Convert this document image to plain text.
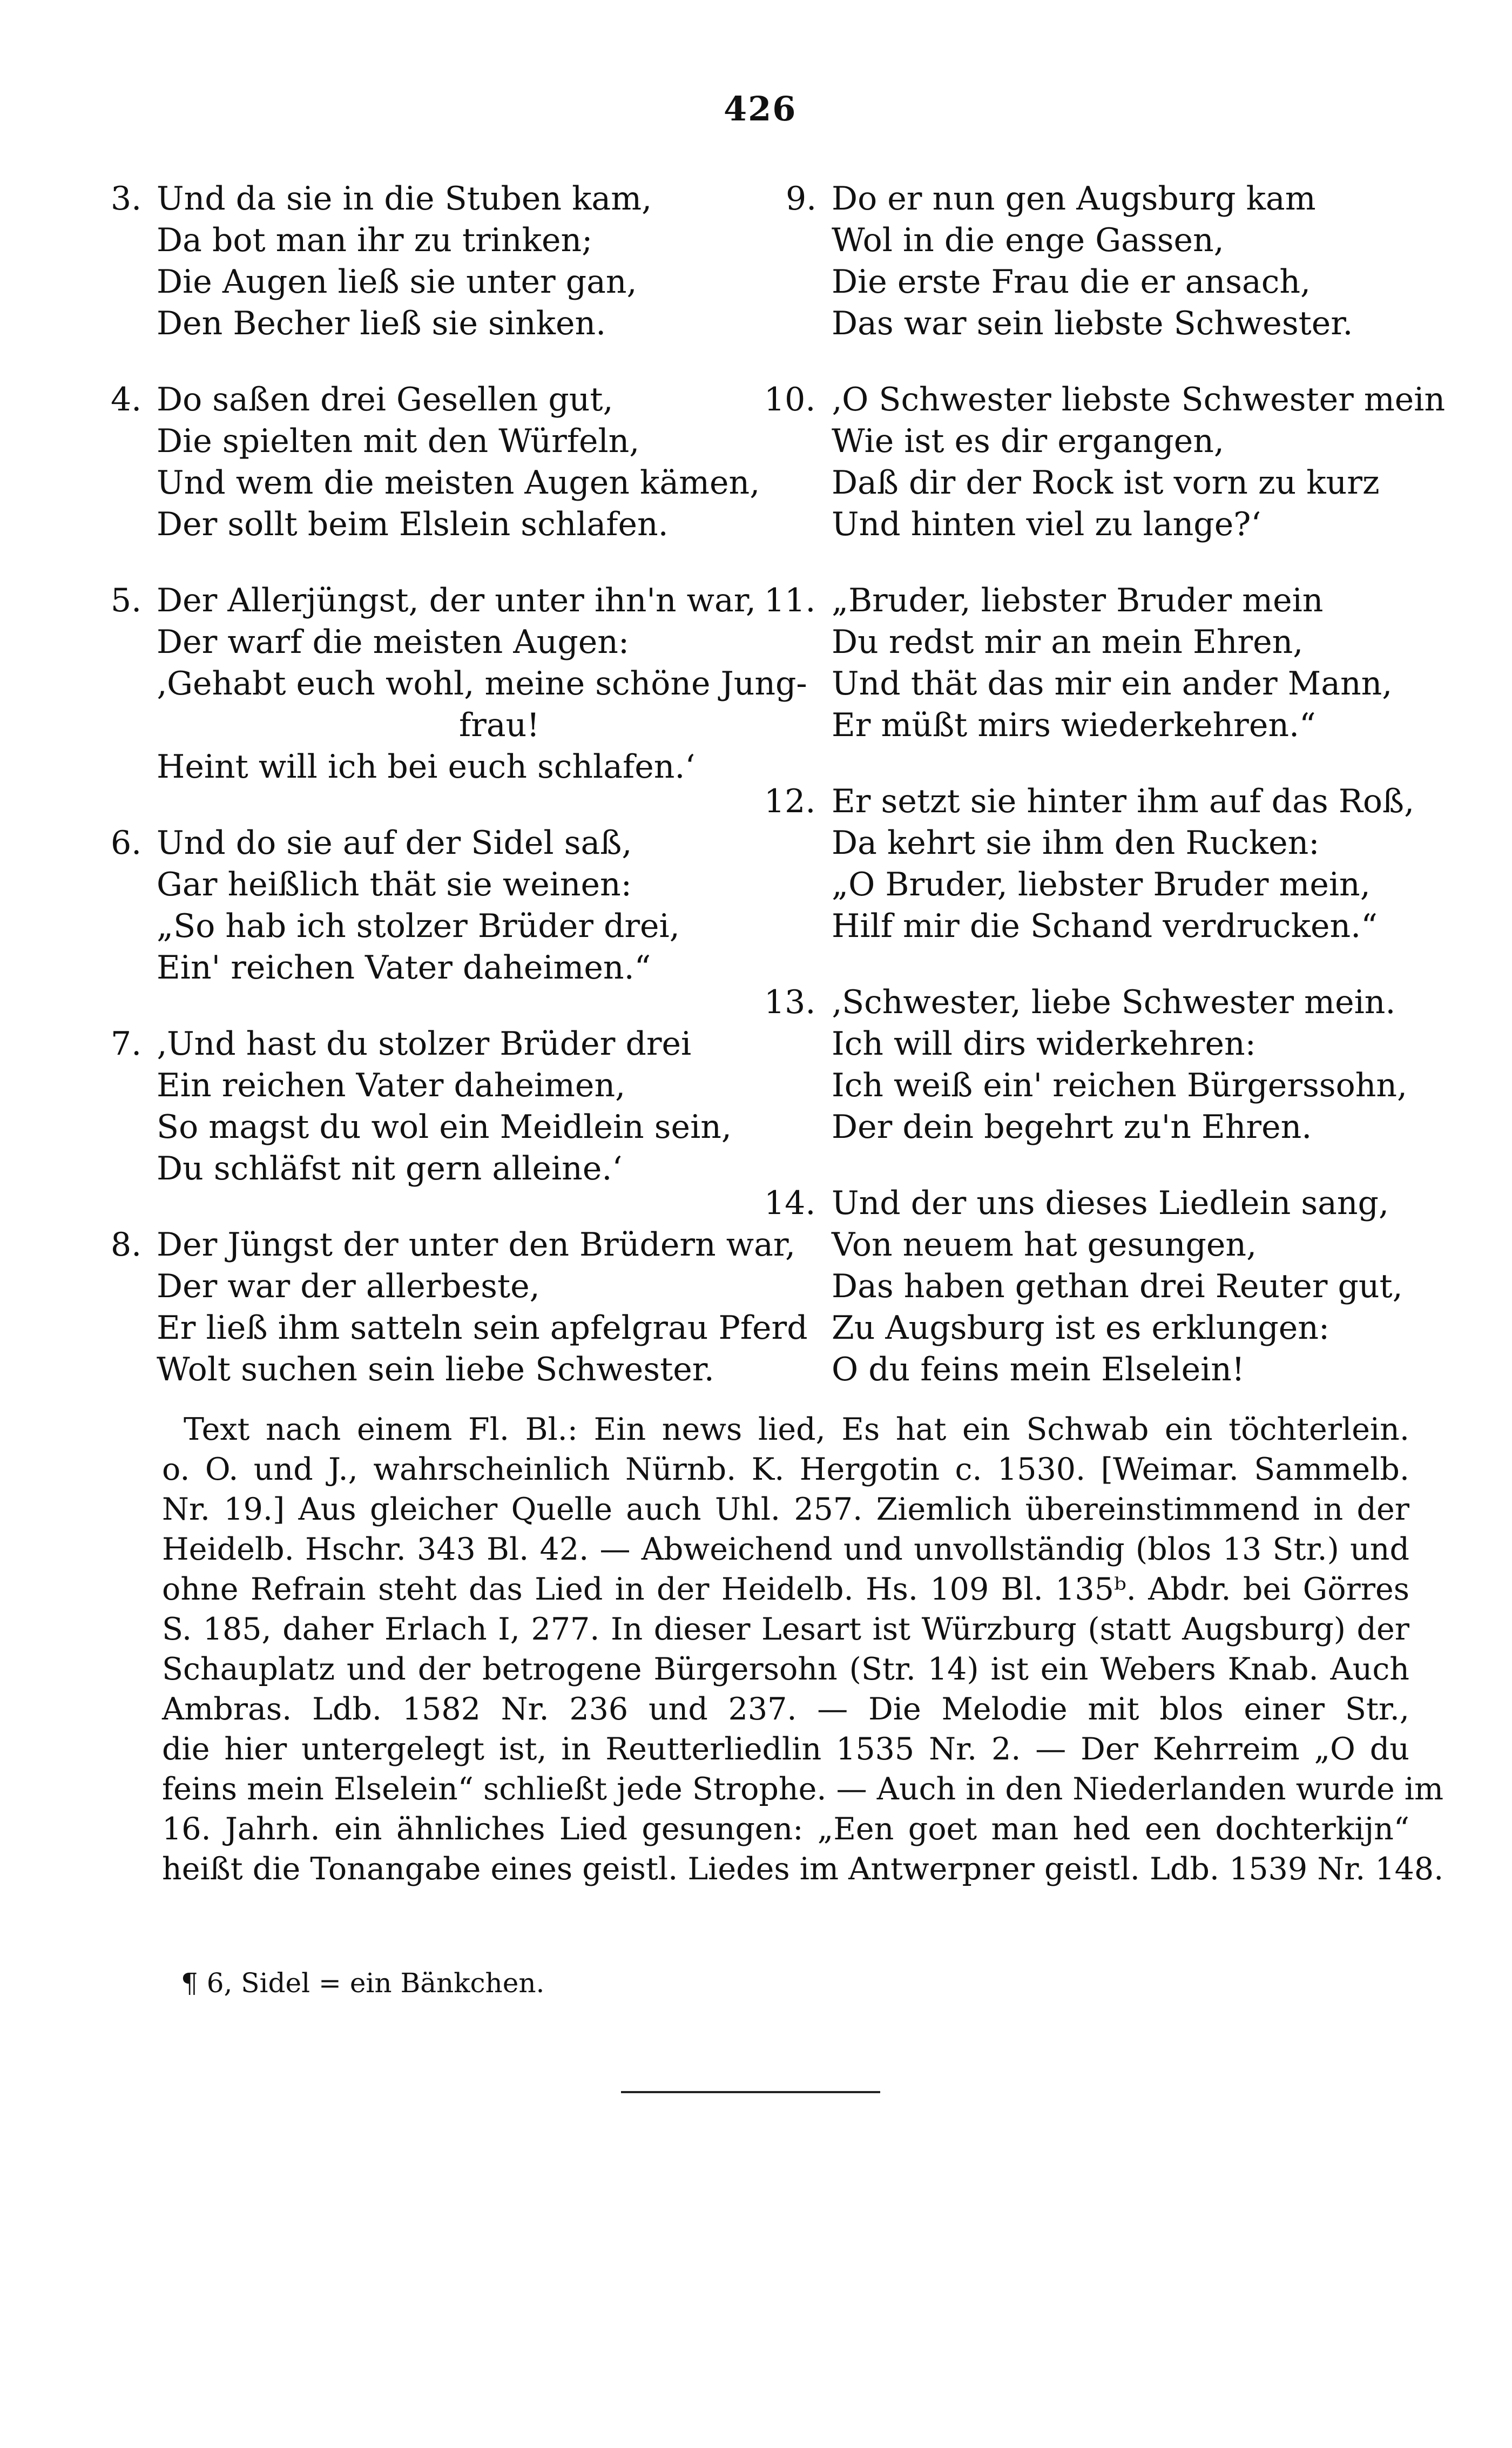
426
3. Und da sie in die Stuben kam,
Da bot man ihr zu trinken;
Die Augen ließ sie unter gan,
Den Becher ließ sie sinken.
4. Do saßen drei Gesellen gut,
Die spielten mit den Würfeln,
Und wem die meisten Augen kämen,
Der sollt beim Elslein schlafen.
5. Der Allerjüngst, der unter ihn'n war,
Der warf die meisten Augen:
‚Gehabt euch wohl, meine schöne Jung-
frau!
Heint will ich bei euch schlafen.‘
6. Und do sie auf der Sidel saß,
Gar heißlich thät sie weinen:
„So hab ich stolzer Brüder drei,
Ein' reichen Vater daheimen.“
7. ‚Und hast du stolzer Brüder drei
Ein reichen Vater daheimen,
So magst du wol ein Meidlein sein,
Du schläfst nit gern alleine.‘
8. Der Jüngst der unter den Brüdern war,
Der war der allerbeste,
Er ließ ihm satteln sein apfelgrau Pferd
Wolt suchen sein liebe Schwester.
9. Do er nun gen Augsburg kam
Wol in die enge Gassen,
Die erste Frau die er ansach,
Das war sein liebste Schwester.
10. ‚O Schwester liebste Schwester mein
Wie ist es dir ergangen,
Daß dir der Rock ist vorn zu kurz
Und hinten viel zu lange?‘
11. „Bruder, liebster Bruder mein
Du redst mir an mein Ehren,
Und thät das mir ein ander Mann,
Er müßt mirs wiederkehren.“
12. Er setzt sie hinter ihm auf das Roß,
Da kehrt sie ihm den Rucken:
„O Bruder, liebster Bruder mein,
Hilf mir die Schand verdrucken.“
13. ‚Schwester, liebe Schwester mein.
Ich will dirs widerkehren:
Ich weiß ein' reichen Bürgerssohn,
Der dein begehrt zu'n Ehren.
14. Und der uns dieses Liedlein sang,
Von neuem hat gesungen,
Das haben gethan drei Reuter gut,
Zu Augsburg ist es erklungen:
O du feins mein Elselein!
Text nach einem Fl. Bl.: Ein news lied, Es hat ein Schwab ein töchterlein.
o. O. und J., wahrscheinlich Nürnb. K. Hergotin c. 1530. [Weimar. Sammelb.
Nr. 19.] Aus gleicher Quelle auch Uhl. 257. Ziemlich übereinstimmend in der
Heidelb. Hschr. 343 Bl. 42. — Abweichend und unvollständig (blos 13 Str.) und
ohne Refrain steht das Lied in der Heidelb. Hs. 109 Bl. 135ᵇ. Abdr. bei Görres
S. 185, daher Erlach I, 277. In dieser Lesart ist Würzburg (statt Augsburg) der
Schauplatz und der betrogene Bürgersohn (Str. 14) ist ein Webers Knab. Auch
Ambras. Ldb. 1582 Nr. 236 und 237. — Die Melodie mit blos einer Str.,
die hier untergelegt ist, in Reutterliedlin 1535 Nr. 2. — Der Kehrreim „O du
feins mein Elselein“ schließt jede Strophe. — Auch in den Niederlanden wurde im
16. Jahrh. ein ähnliches Lied gesungen: „Een goet man hed een dochterkijn“
heißt die Tonangabe eines geistl. Liedes im Antwerpner geistl. Ldb. 1539 Nr. 148.
¶ 6, Sidel = ein Bänkchen.
